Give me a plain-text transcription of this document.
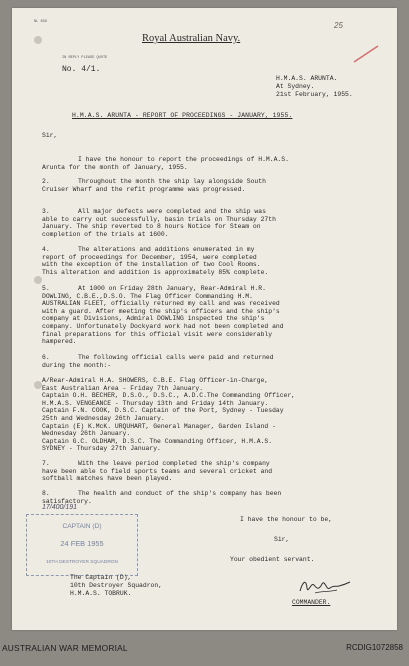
NL 659
IN REPLY PLEASE QUOTE
No. 4/1.
25
Royal Australian Navy.
H.M.A.S. ARUNTA.
At Sydney.
21st February, 1955.
H.M.A.S. ARUNTA - REPORT OF PROCEEDINGS - JANUARY, 1955.
Sir,

I have the honour to report the proceedings of H.M.A.S.

Arunta for the month of January, 1955.

2.	Throughout the month the ship lay alongside South

Cruiser Wharf and the refit programme was progressed.

3.	All major defects were completed and the ship was

able to carry out successfully, basin trials on Thursday 27th

January. The ship reverted to 8 hours Notice for Steam on

completion of the trials at 1600.

4.	The alterations and additions enumerated in my

report of proceedings for December, 1954, were completed

with the exception of the installation of two Cool Rooms.

This alteration and addition is approximately 85% complete.

5.	At 1000 on Friday 28th January, Rear-Admiral H.R.

DOWLING, C.B.E.,D.S.O. The Flag Officer Commanding H.M.

AUSTRALIAN FLEET, officially returned my call and was received

with a guard. After meeting the ship's officers and the ship's

company at Divisions, Admiral DOWLING inspected the ship's

company. Unfortunately Dockyard work had not been completed and

final preparations for this official visit were considerably

hampered.

6.	The following official calls were paid and returned

during the month:-

A/Rear-Admiral H.A. SHOWERS, C.B.E. Flag Officer-in-Charge,

East Australian Area - Friday 7th January.

Captain O.H. BECHER, D.S.O., D.S.C., A.D.C.The Commanding Officer,

H.M.A.S. VENGEANCE - Thursday 13th and Friday 14th January.

Captain F.N. COOK, D.S.C. Captain of the Port, Sydney - Tuesday

25th and Wednesday 26th January.

Captain (E) K.McK. URQUHART, General Manager, Garden Island -

Wednesday 26th January.

Captain G.C. OLDHAM, D.S.C. The Commanding Officer, H.M.A.S.

SYDNEY - Thursday 27th January.

7.	With the leave period completed the ship's company

have been able to field sports teams and several cricket and

softball matches have been played.

8.	The health and conduct of the ship's company has been

satisfactory.

I have the honour to be,
Sir,
Your obedient servant.
17/400/191
CAPTAIN (D)
24 FEB 1955
10TH DESTROYER SQUADRON
The Captain (D),
10th Destroyer Squadron,
H.M.A.S. TOBRUK.
COMMANDER.
AUSTRALIAN WAR MEMORIAL	RCDIG1072858
